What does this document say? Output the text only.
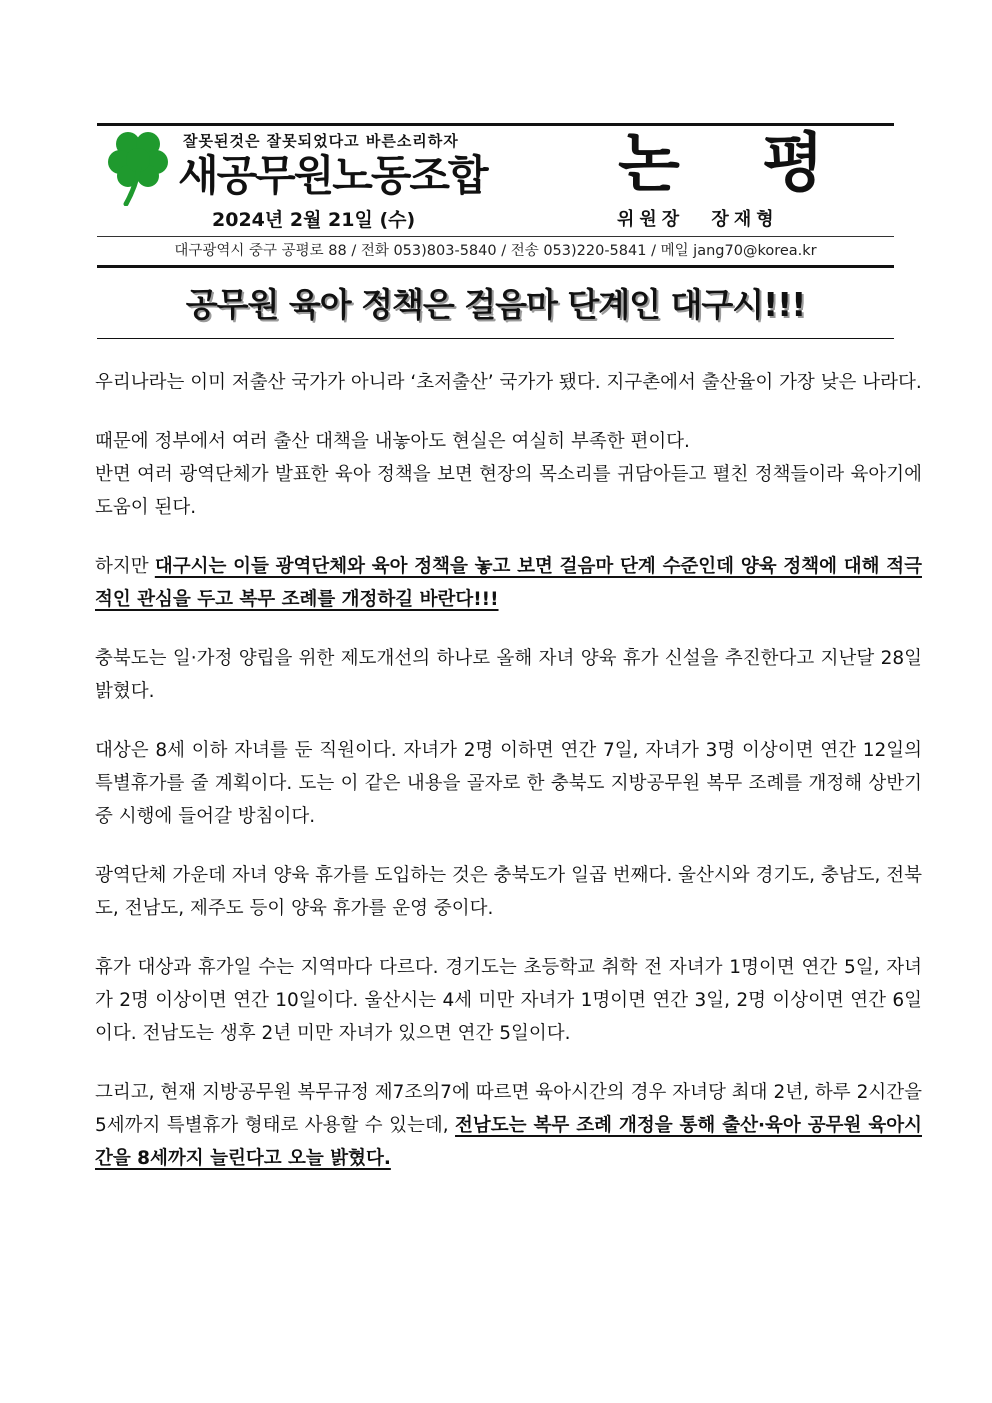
잘못된것은 잘못되었다고 바른소리하자
새공무원노동조합	논 평
2024년 2월 21일 (수)	위원장 장재형
대구광역시 중구 공평로 88 / 전화 053)803-5840 / 전송 053)220-5841 / 메일 jang70@korea.kr
공무원 육아 정책은 걸음마 단계인 대구시!!!

우리나라는 이미 저출산 국가가 아니라 ‘초저출산’ 국가가 됐다. 지구촌에서 출산율이 가장 낮은 나라다.

때문에 정부에서 여러 출산 대책을 내놓아도 현실은 여실히 부족한 편이다.

반면 여러 광역단체가 발표한 육아 정책을 보면 현장의 목소리를 귀담아듣고 펼친 정책들이라 육아기에 도움이 된다.

하지만 대구시는 이들 광역단체와 육아 정책을 놓고 보면 걸음마 단계 수준인데 양육 정책에 대해 적극적인 관심을 두고 복무 조례를 개정하길 바란다!!!

충북도는 일·가정 양립을 위한 제도개선의 하나로 올해 자녀 양육 휴가 신설을 추진한다고 지난달 28일 밝혔다.

대상은 8세 이하 자녀를 둔 직원이다. 자녀가 2명 이하면 연간 7일, 자녀가 3명 이상이면 연간 12일의 특별휴가를 줄 계획이다. 도는 이 같은 내용을 골자로 한 충북도 지방공무원 복무 조례를 개정해 상반기 중 시행에 들어갈 방침이다.

광역단체 가운데 자녀 양육 휴가를 도입하는 것은 충북도가 일곱 번째다. 울산시와 경기도, 충남도, 전북도, 전남도, 제주도 등이 양육 휴가를 운영 중이다.

휴가 대상과 휴가일 수는 지역마다 다르다. 경기도는 초등학교 취학 전 자녀가 1명이면 연간 5일, 자녀가 2명 이상이면 연간 10일이다. 울산시는 4세 미만 자녀가 1명이면 연간 3일, 2명 이상이면 연간 6일이다. 전남도는 생후 2년 미만 자녀가 있으면 연간 5일이다.

그리고, 현재 지방공무원 복무규정 제7조의7에 따르면 육아시간의 경우 자녀당 최대 2년, 하루 2시간을 5세까지 특별휴가 형태로 사용할 수 있는데, 전남도는 복무 조례 개정을 통해 출산·육아 공무원 육아시간을 8세까지 늘린다고 오늘 밝혔다.
